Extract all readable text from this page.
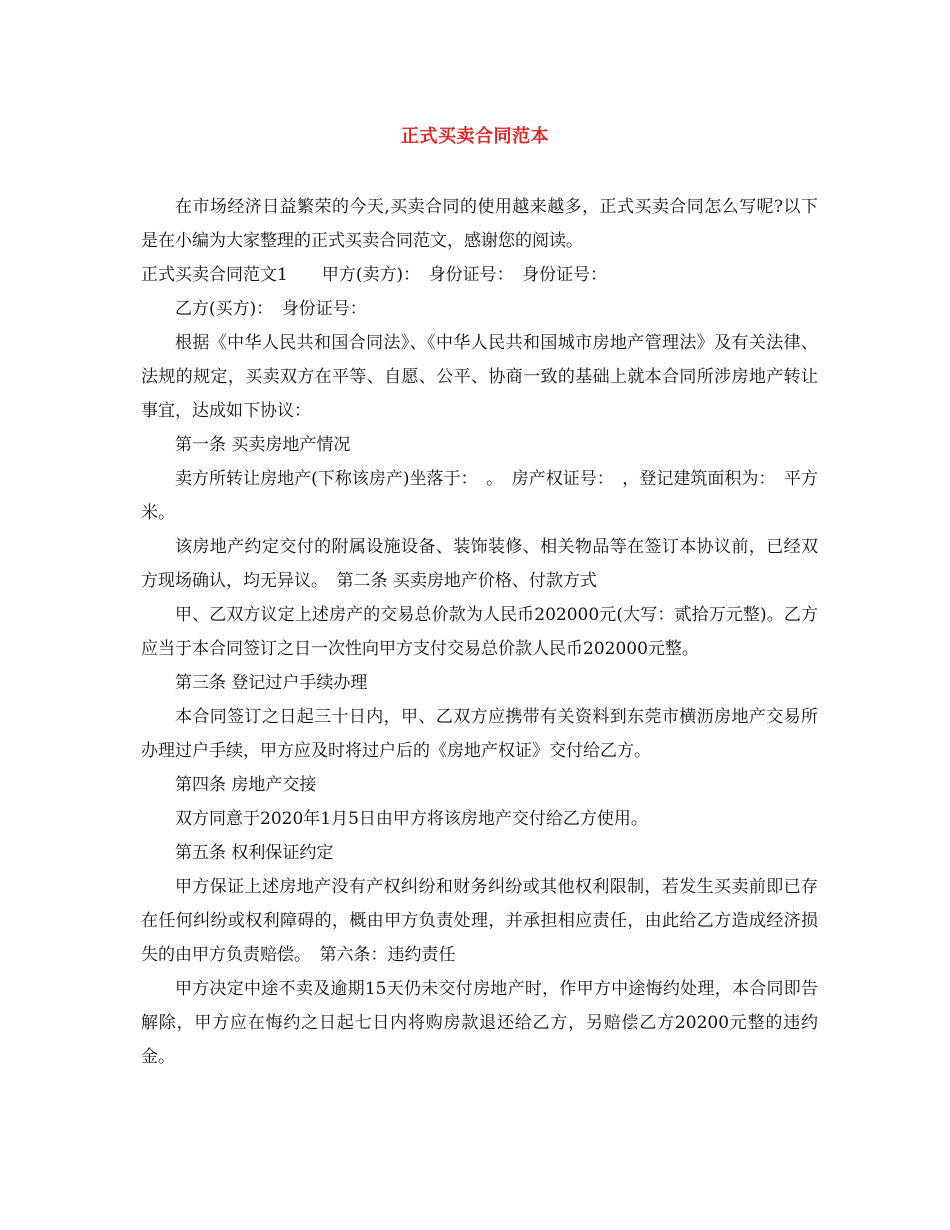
正式买卖合同范本

在市场经济日益繁荣的今天,买卖合同的使用越来越多，正式买卖合同怎么写呢?以下是在小编为大家整理的正式买卖合同范文，感谢您的阅读。

正式买卖合同范文1　　甲方(卖方)：　身份证号：　身份证号：

乙方(买方)：　身份证号：

根据《中华人民共和国合同法》、《中华人民共和国城市房地产管理法》及有关法律、法规的规定，买卖双方在平等、自愿、公平、协商一致的基础上就本合同所涉房地产转让事宜，达成如下协议：

第一条 买卖房地产情况

卖方所转让房地产(下称该房产)坐落于：　。　房产权证号：　，登记建筑面积为：　平方米。

该房地产约定交付的附属设施设备、装饰装修、相关物品等在签订本协议前，已经双方现场确认，均无异议。　第二条 买卖房地产价格、付款方式

甲、乙双方议定上述房产的交易总价款为人民币202000元(大写：贰拾万元整)。乙方应当于本合同签订之日一次性向甲方支付交易总价款人民币202000元整。

第三条 登记过户手续办理

本合同签订之日起三十日内，甲、乙双方应携带有关资料到东莞市横沥房地产交易所办理过户手续，甲方应及时将过户后的《房地产权证》交付给乙方。

第四条 房地产交接

双方同意于2020年1月5日由甲方将该房地产交付给乙方使用。

第五条 权利保证约定

甲方保证上述房地产没有产权纠纷和财务纠纷或其他权利限制，若发生买卖前即已存在任何纠纷或权利障碍的，概由甲方负责处理，并承担相应责任，由此给乙方造成经济损失的由甲方负责赔偿。　第六条：违约责任

甲方决定中途不卖及逾期15天仍未交付房地产时，作甲方中途悔约处理，本合同即告解除，甲方应在悔约之日起七日内将购房款退还给乙方，另赔偿乙方20200元整的违约金。
